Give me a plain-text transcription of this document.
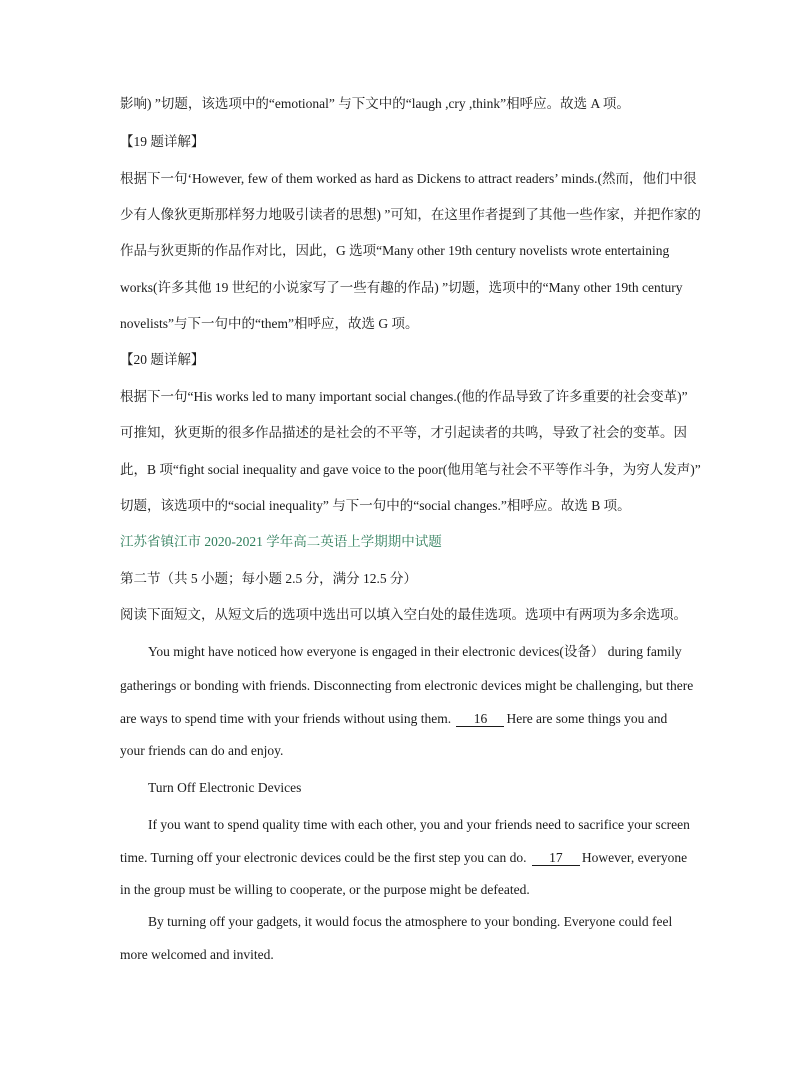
影响) ”切题，该选项中的“emotional” 与下文中的“laugh ,cry ,think”相呼应。故选 A 项。
【19 题详解】
根据下一句‘However, few of them worked as hard as Dickens to attract readers’ minds.(然而，他们中很
少有人像狄更斯那样努力地吸引读者的思想) ”可知，在这里作者提到了其他一些作家，并把作家的
作品与狄更斯的作品作对比，因此，G 选项“Many other 19th century novelists wrote entertaining
works(许多其他 19 世纪的小说家写了一些有趣的作品) ”切题，选项中的“Many other 19th century
novelists”与下一句中的“them”相呼应，故选 G 项。
【20 题详解】
根据下一句“His works led to many important social changes.(他的作品导致了许多重要的社会变革)”
可推知，狄更斯的很多作品描述的是社会的不平等，才引起读者的共鸣，导致了社会的变革。因
此，B 项“fight social inequality and gave voice to the poor(他用笔与社会不平等作斗争，为穷人发声)”
切题，该选项中的“social inequality” 与下一句中的“social changes.”相呼应。故选 B 项。
江苏省镇江市 2020-2021 学年高二英语上学期期中试题
第二节（共 5 小题；每小题 2.5 分，满分 12.5 分）
阅读下面短文，从短文后的选项中选出可以填入空白处的最佳选项。选项中有两项为多余选项。
You might have noticed how everyone is engaged in their electronic devices(设备） during family
gatherings or bonding with friends. Disconnecting from electronic devices might be challenging, but there
are ways to spend time with your friends without using them. 16 Here are some things you and
your friends can do and enjoy.
Turn Off Electronic Devices
If you want to spend quality time with each other, you and your friends need to sacrifice your screen
time. Turning off your electronic devices could be the first step you can do. 17 However, everyone
in the group must be willing to cooperate, or the purpose might be defeated.
By turning off your gadgets, it would focus the atmosphere to your bonding. Everyone could feel
more welcomed and invited.
